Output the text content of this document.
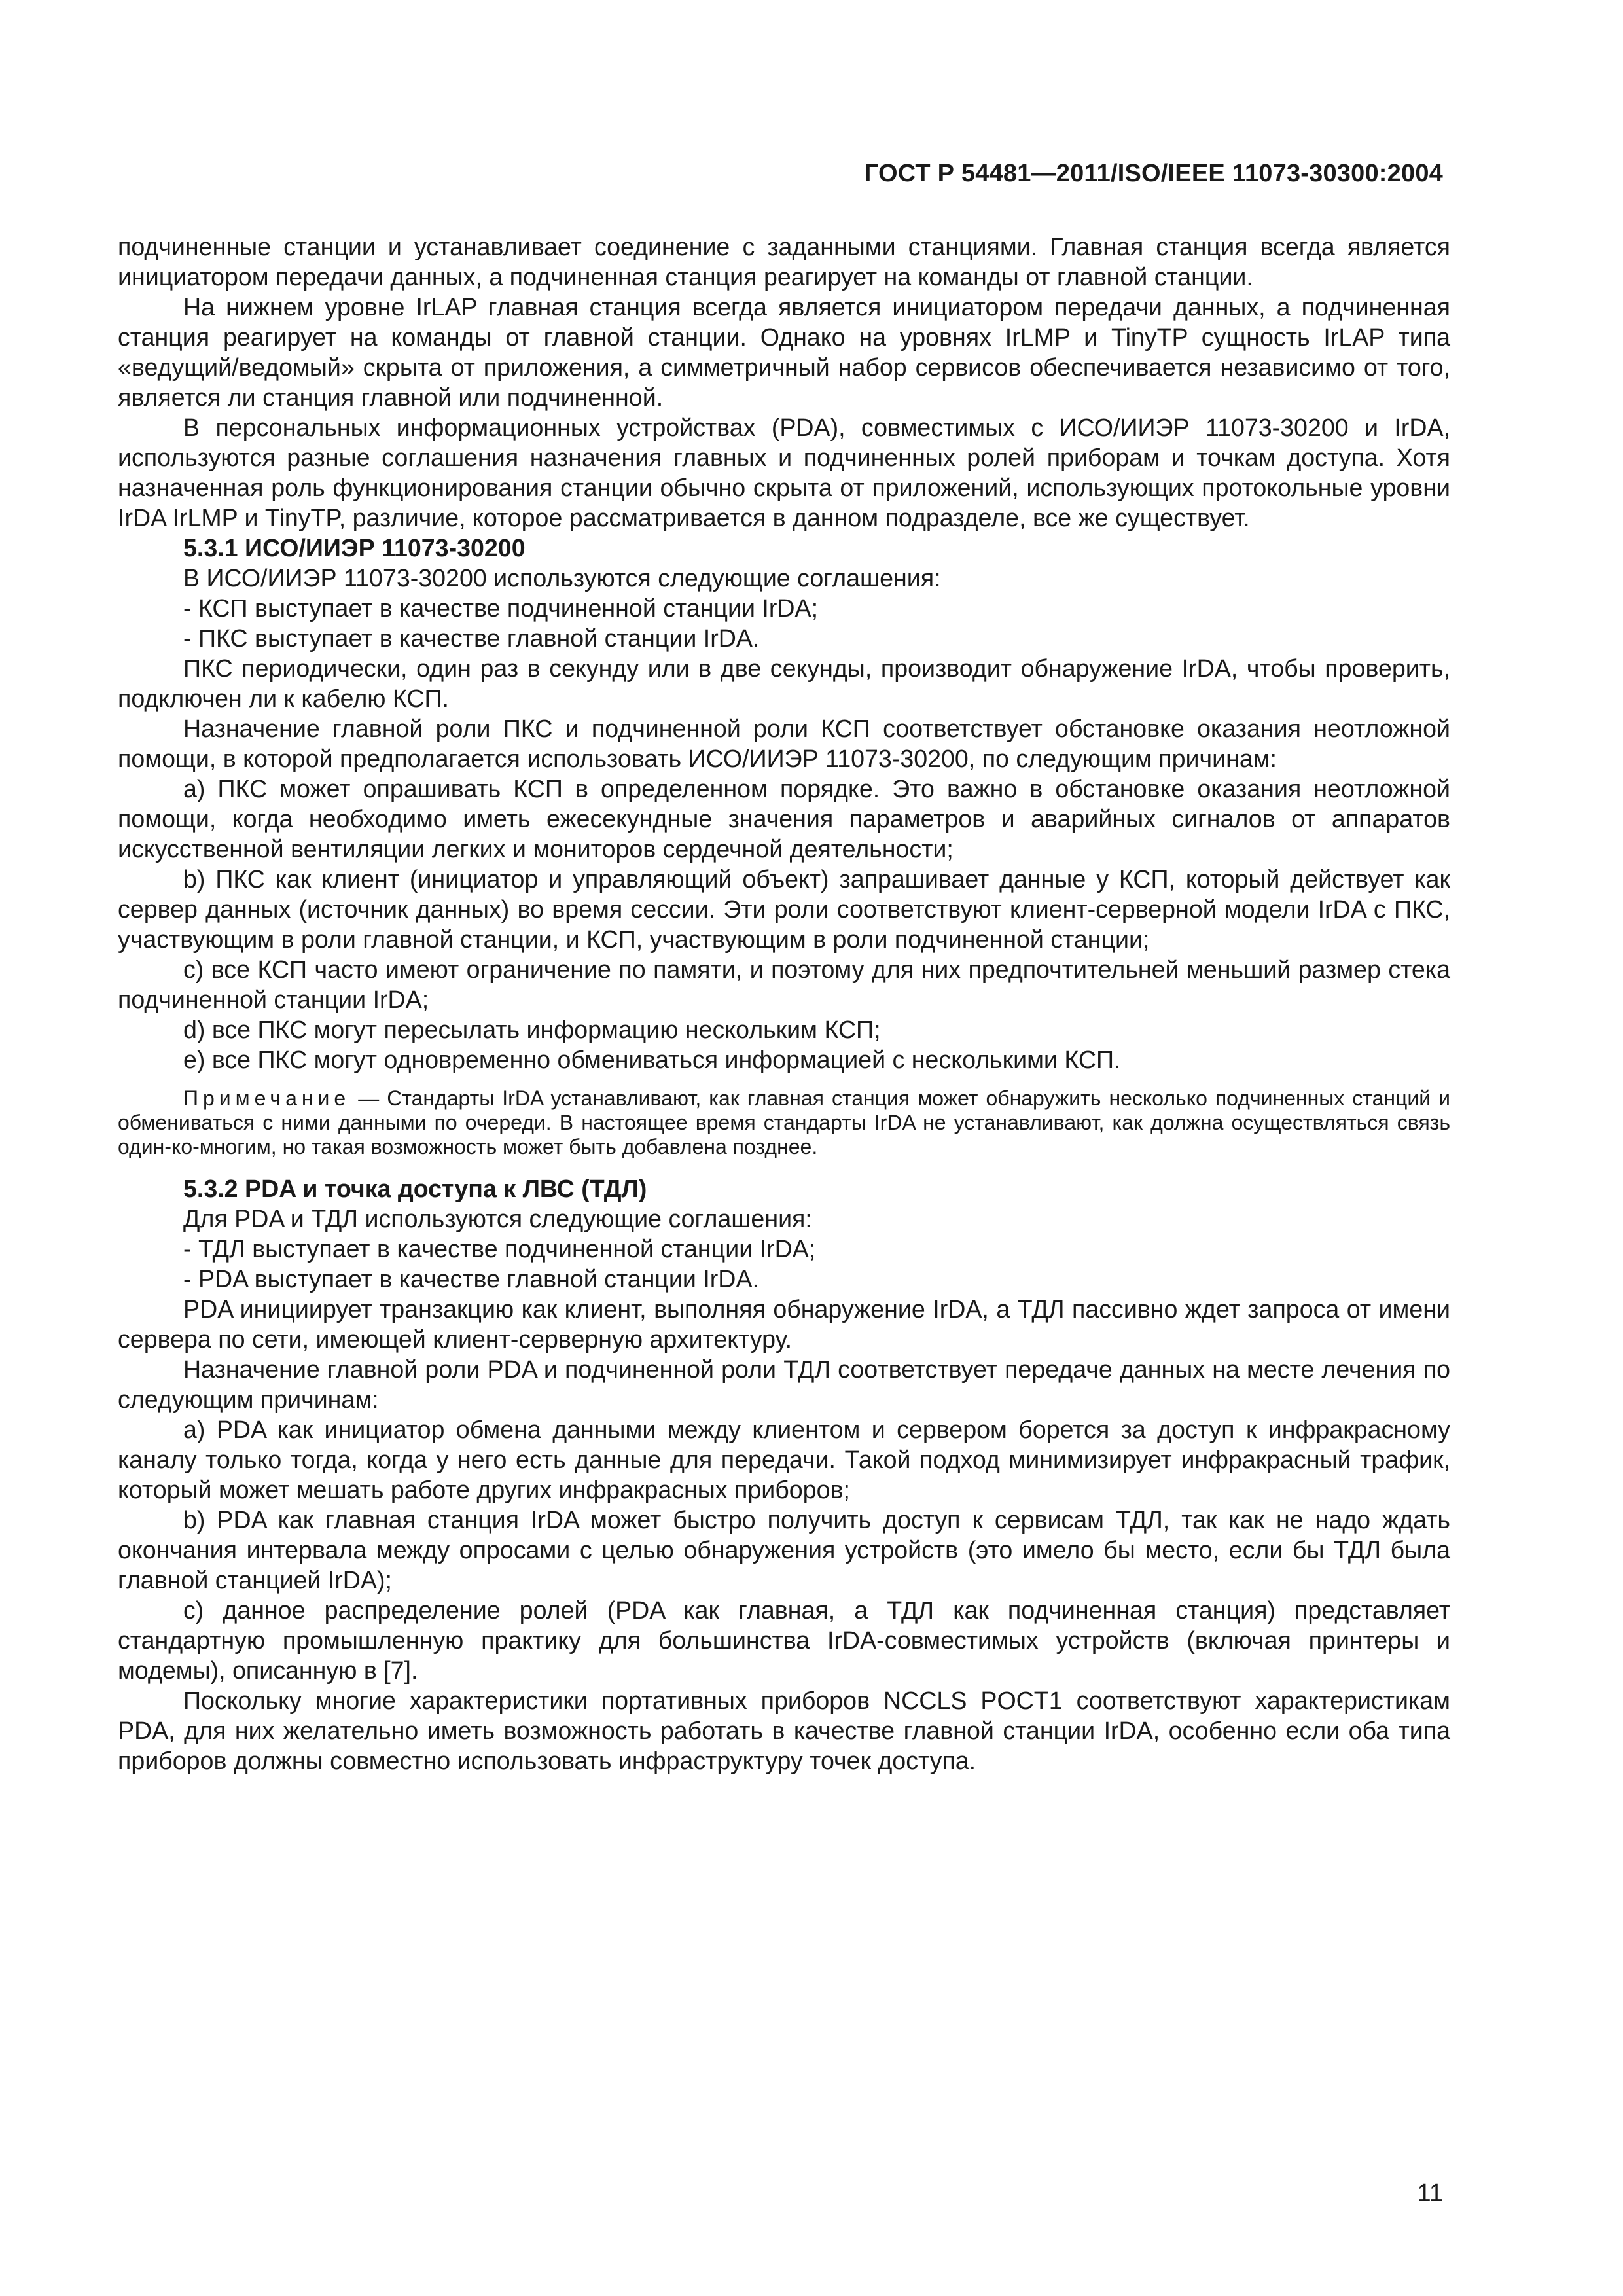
ГОСТ Р 54481—2011/ISO/IEEE 11073-30300:2004

подчиненные станции и устанавливает соединение с заданными станциями. Главная станция всегда является инициатором передачи данных, а подчиненная станция реагирует на команды от главной станции.

На нижнем уровне IrLAP главная станция всегда является инициатором передачи данных, а подчиненная станция реагирует на команды от главной станции. Однако на уровнях IrLMP и TinyTP сущность IrLAP типа «ведущий/ведомый» скрыта от приложения, а симметричный набор сервисов обеспечивается независимо от того, является ли станция главной или подчиненной.

В персональных информационных устройствах (PDA), совместимых с ИСО/ИИЭР 11073-30200 и IrDA, используются разные соглашения назначения главных и подчиненных ролей приборам и точкам доступа. Хотя назначенная роль функционирования станции обычно скрыта от приложений, использующих протокольные уровни IrDA IrLMP и TinyTP, различие, которое рассматривается в данном подразделе, все же существует.

5.3.1 ИСО/ИИЭР 11073-30200

В ИСО/ИИЭР 11073-30200 используются следующие соглашения:

- КСП выступает в качестве подчиненной станции IrDA;

- ПКС выступает в качестве главной станции IrDA.

ПКС периодически, один раз в секунду или в две секунды, производит обнаружение IrDA, чтобы проверить, подключен ли к кабелю КСП.

Назначение главной роли ПКС и подчиненной роли КСП соответствует обстановке оказания неотложной помощи, в которой предполагается использовать ИСО/ИИЭР 11073-30200, по следующим причинам:

a) ПКС может опрашивать КСП в определенном порядке. Это важно в обстановке оказания неотложной помощи, когда необходимо иметь ежесекундные значения параметров и аварийных сигналов от аппаратов искусственной вентиляции легких и мониторов сердечной деятельности;

b) ПКС как клиент (инициатор и управляющий объект) запрашивает данные у КСП, который действует как сервер данных (источник данных) во время сессии. Эти роли соответствуют клиент-серверной модели IrDA с ПКС, участвующим в роли главной станции, и КСП, участвующим в роли подчиненной станции;

c) все КСП часто имеют ограничение по памяти, и поэтому для них предпочтительней меньший размер стека подчиненной станции IrDA;

d) все ПКС могут пересылать информацию нескольким КСП;

e) все ПКС могут одновременно обмениваться информацией с несколькими КСП.

Примечание — Стандарты IrDA устанавливают, как главная станция может обнаружить несколько подчиненных станций и обмениваться с ними данными по очереди. В настоящее время стандарты IrDA не устанавливают, как должна осуществляться связь один-ко-многим, но такая возможность может быть добавлена позднее.

5.3.2 PDA и точка доступа к ЛВС (ТДЛ)

Для PDA и ТДЛ используются следующие соглашения:

- ТДЛ выступает в качестве подчиненной станции IrDA;

- PDA выступает в качестве главной станции IrDA.

PDA инициирует транзакцию как клиент, выполняя обнаружение IrDA, а ТДЛ пассивно ждет запроса от имени сервера по сети, имеющей клиент-серверную архитектуру.

Назначение главной роли PDA и подчиненной роли ТДЛ соответствует передаче данных на месте лечения по следующим причинам:

a) PDA как инициатор обмена данными между клиентом и сервером борется за доступ к инфракрасному каналу только тогда, когда у него есть данные для передачи. Такой подход минимизирует инфракрасный трафик, который может мешать работе других инфракрасных приборов;

b) PDA как главная станция IrDA может быстро получить доступ к сервисам ТДЛ, так как не надо ждать окончания интервала между опросами с целью обнаружения устройств (это имело бы место, если бы ТДЛ была главной станцией IrDA);

c) данное распределение ролей (PDA как главная, а ТДЛ как подчиненная станция) представляет стандартную промышленную практику для большинства IrDA-совместимых устройств (включая принтеры и модемы), описанную в [7].

Поскольку многие характеристики портативных приборов NCCLS POCT1 соответствуют характеристикам PDA, для них желательно иметь возможность работать в качестве главной станции IrDA, особенно если оба типа приборов должны совместно использовать инфраструктуру точек доступа.

11
